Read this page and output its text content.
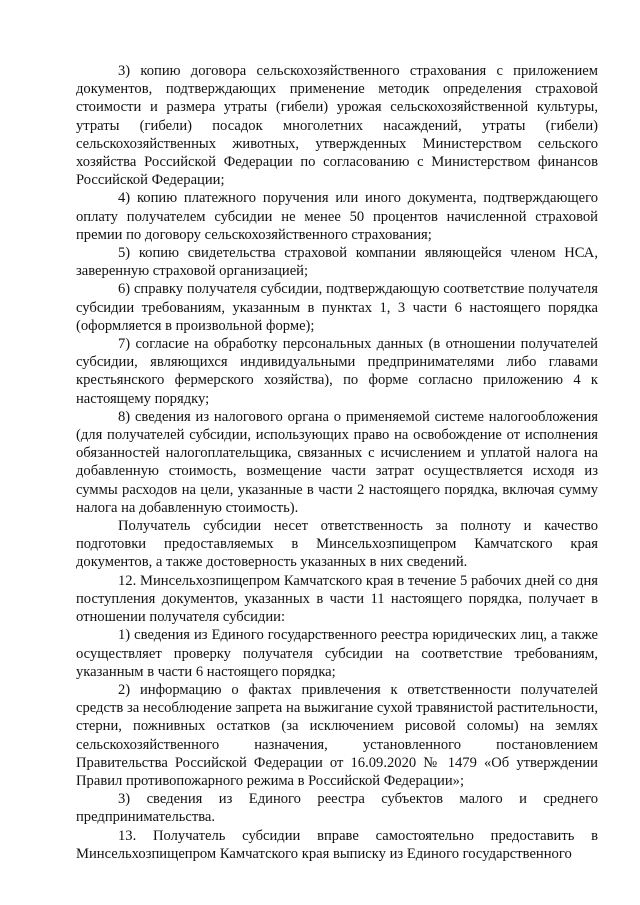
3) копию договора сельскохозяйственного страхования с приложением документов, подтверждающих применение методик определения страховой стоимости и размера утраты (гибели) урожая сельскохозяйственной культуры, утраты (гибели) посадок многолетних насаждений, утраты (гибели) сельскохозяйственных животных, утвержденных Министерством сельского хозяйства Российской Федерации по согласованию с Министерством финансов Российской Федерации;

4) копию платежного поручения или иного документа, подтверждающего оплату получателем субсидии не менее 50 процентов начисленной страховой премии по договору сельскохозяйственного страхования;

5) копию свидетельства страховой компании являющейся членом НСА, заверенную страховой организацией;

6) справку получателя субсидии, подтверждающую соответствие получателя субсидии требованиям, указанным в пунктах 1, 3 части 6 настоящего порядка (оформляется в произвольной форме);

7) согласие на обработку персональных данных (в отношении получателей субсидии, являющихся индивидуальными предпринимателями либо главами крестьянского фермерского хозяйства), по форме согласно приложению 4 к настоящему порядку;

8) сведения из налогового органа о применяемой системе налогообложения (для получателей субсидии, использующих право на освобождение от исполнения обязанностей налогоплательщика, связанных с исчислением и уплатой налога на добавленную стоимость, возмещение части затрат осуществляется исходя из суммы расходов на цели, указанные в части 2 настоящего порядка, включая сумму налога на добавленную стоимость).

Получатель субсидии несет ответственность за полноту и качество подготовки предоставляемых в Минсельхозпищепром Камчатского края документов, а также достоверность указанных в них сведений.

12. Минсельхозпищепром Камчатского края в течение 5 рабочих дней со дня поступления документов, указанных в части 11 настоящего порядка, получает в отношении получателя субсидии:

1) сведения из Единого государственного реестра юридических лиц, а также осуществляет проверку получателя субсидии на соответствие требованиям, указанным в части 6 настоящего порядка;

2) информацию о фактах привлечения к ответственности получателей средств за несоблюдение запрета на выжигание сухой травянистой растительности, стерни, пожнивных остатков (за исключением рисовой соломы) на землях сельскохозяйственного назначения, установленного постановлением Правительства Российской Федерации от 16.09.2020 № 1479 «Об утверждении Правил противопожарного режима в Российской Федерации»;

3) сведения из Единого реестра субъектов малого и среднего предпринимательства.

13. Получатель субсидии вправе самостоятельно предоставить в Минсельхозпищепром Камчатского края выписку из Единого государственного
